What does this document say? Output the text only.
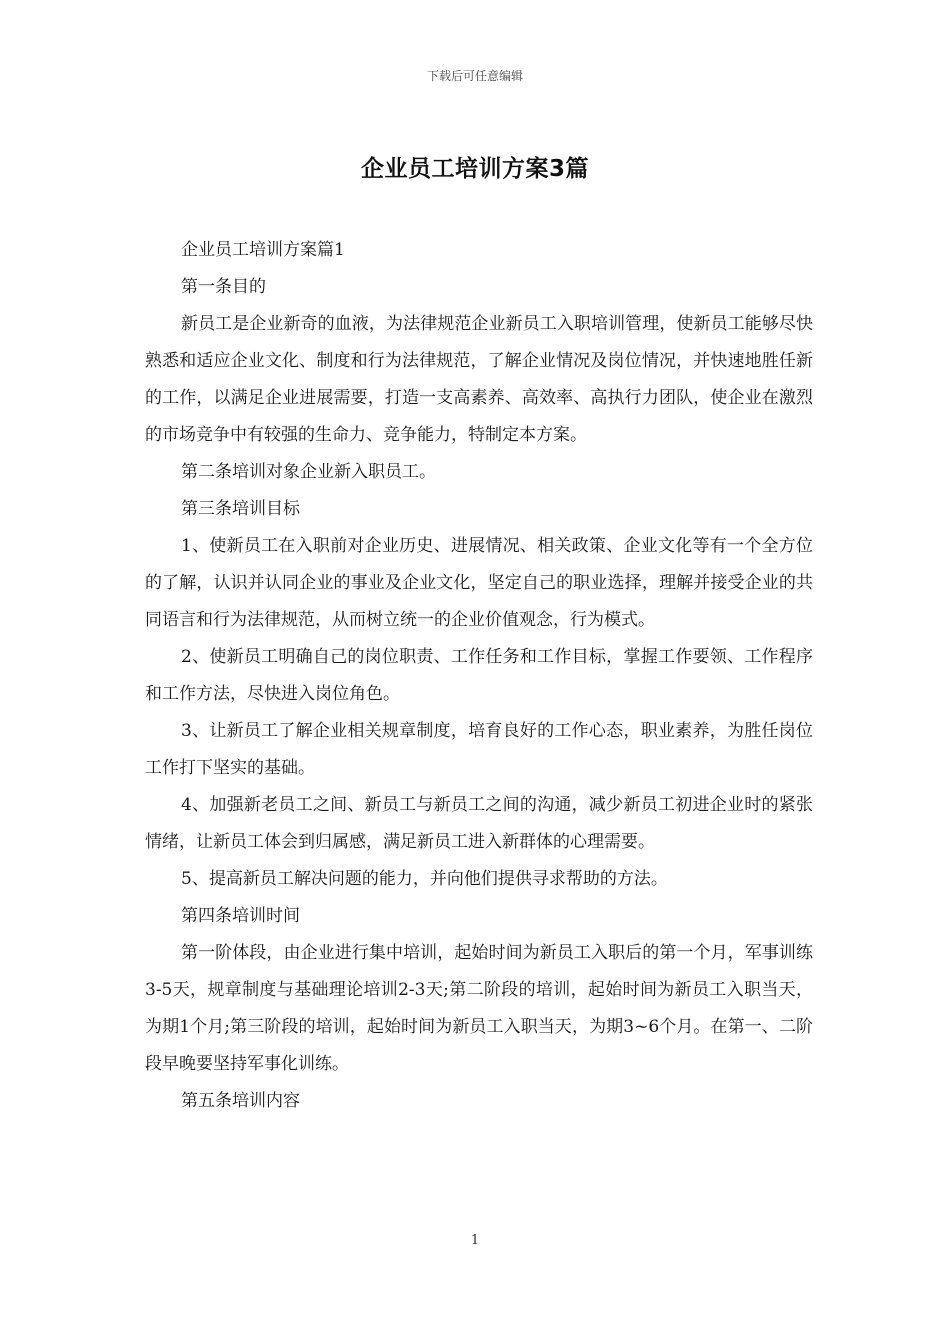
下载后可任意编辑
企业员工培训方案3篇

企业员工培训方案篇1

第一条目的

新员工是企业新奇的血液，为法律规范企业新员工入职培训管理，使新员工能够尽快熟悉和适应企业文化、制度和行为法律规范，了解企业情况及岗位情况，并快速地胜任新的工作，以满足企业进展需要，打造一支高素养、高效率、高执行力团队，使企业在激烈的市场竞争中有较强的生命力、竞争能力，特制定本方案。

第二条培训对象企业新入职员工。

第三条培训目标

1、使新员工在入职前对企业历史、进展情况、相关政策、企业文化等有一个全方位的了解，认识并认同企业的事业及企业文化，坚定自己的职业选择，理解并接受企业的共同语言和行为法律规范，从而树立统一的企业价值观念，行为模式。

2、使新员工明确自己的岗位职责、工作任务和工作目标，掌握工作要领、工作程序和工作方法，尽快进入岗位角色。

3、让新员工了解企业相关规章制度，培育良好的工作心态，职业素养，为胜任岗位工作打下坚实的基础。

4、加强新老员工之间、新员工与新员工之间的沟通，减少新员工初进企业时的紧张情绪，让新员工体会到归属感，满足新员工进入新群体的心理需要。

5、提高新员工解决问题的能力，并向他们提供寻求帮助的方法。

第四条培训时间

第一阶体段，由企业进行集中培训，起始时间为新员工入职后的第一个月，军事训练3-5天，规章制度与基础理论培训2-3天;第二阶段的培训，起始时间为新员工入职当天，为期1个月;第三阶段的培训，起始时间为新员工入职当天，为期3~6个月。在第一、二阶段早晚要坚持军事化训练。

第五条培训内容

1
